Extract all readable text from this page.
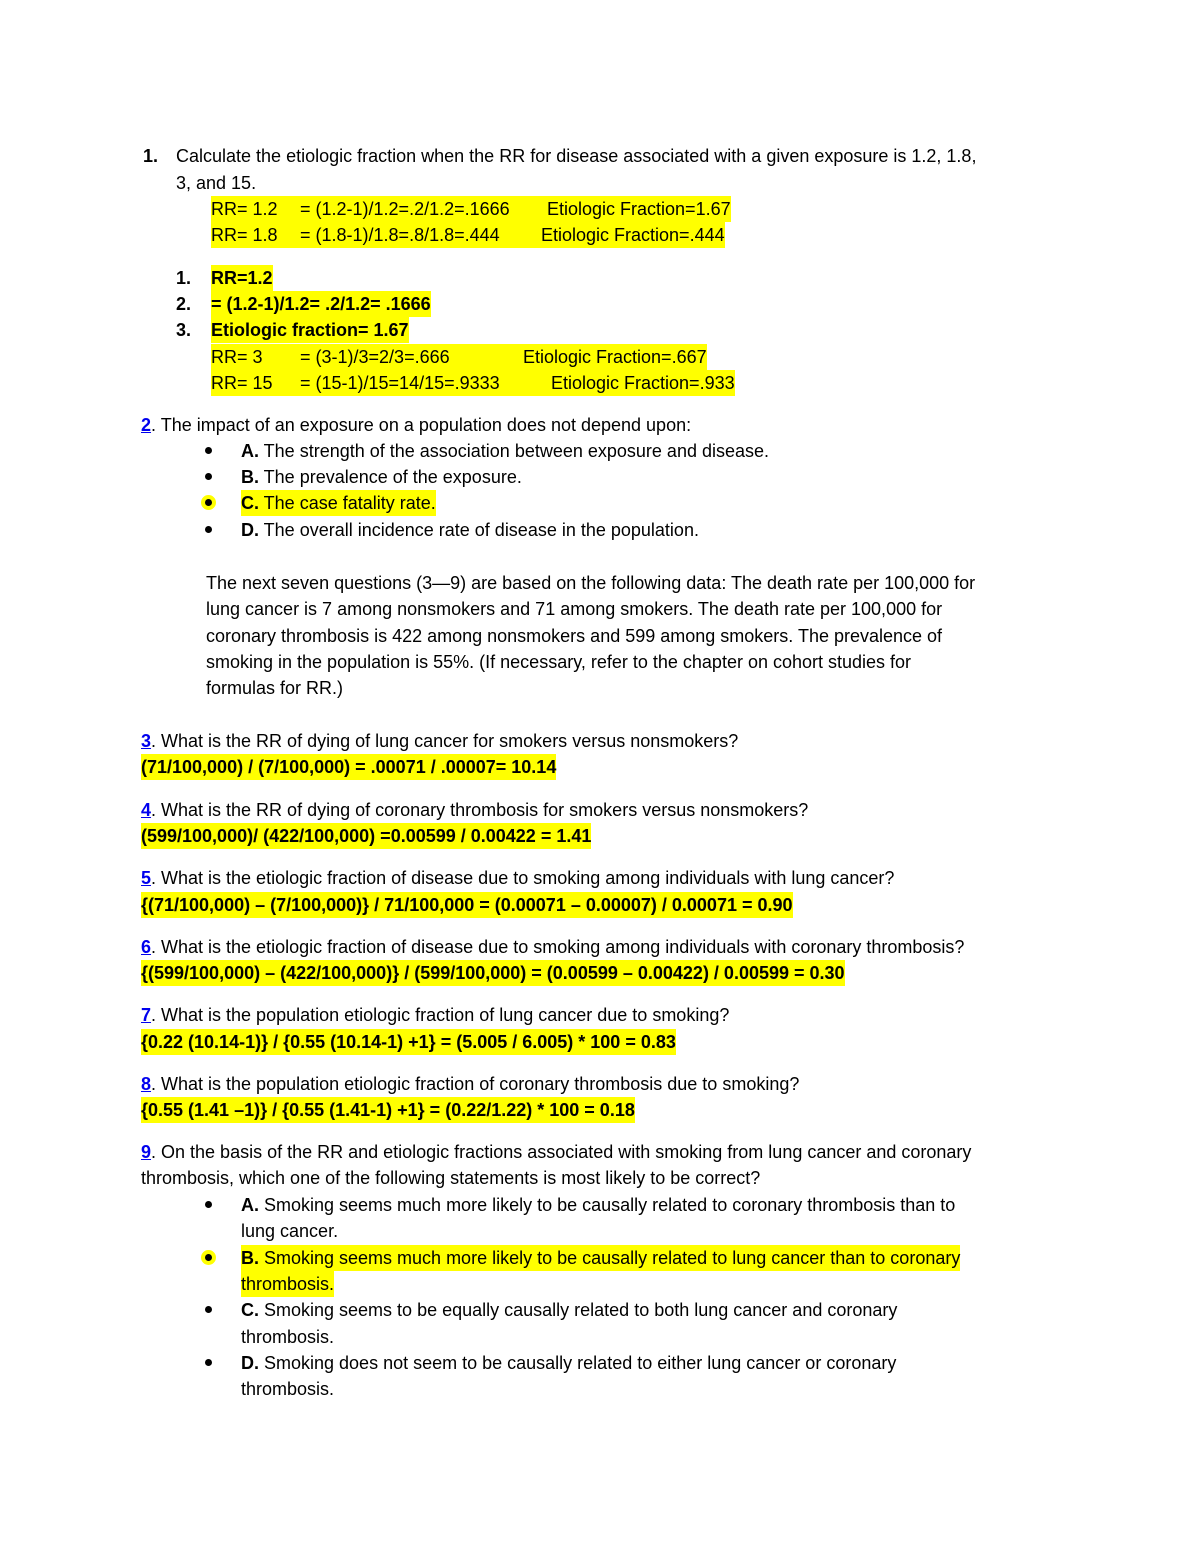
1. Calculate the etiologic fraction when the RR for disease associated with a given exposure is 1.2, 1.8,
3, and 15.
RR= 1.2 = (1.2-1)/1.2=.2/1.2=.1666 Etiologic Fraction=1.67
RR= 1.8 = (1.8-1)/1.8=.8/1.8=.444 Etiologic Fraction=.444
1. RR=1.2
2. = (1.2-1)/1.2= .2/1.2= .1666
3. Etiologic fraction= 1.67
RR= 3 = (3-1)/3=2/3=.666	Etiologic Fraction=.667
RR= 15 = (15-1)/15=14/15=.9333	Etiologic Fraction=.933
2. The impact of an exposure on a population does not depend upon:
A. The strength of the association between exposure and disease.
B. The prevalence of the exposure.
C. The case fatality rate.
D. The overall incidence rate of disease in the population.
The next seven questions (3—9) are based on the following data: The death rate per 100,000 for
lung cancer is 7 among nonsmokers and 71 among smokers. The death rate per 100,000 for
coronary thrombosis is 422 among nonsmokers and 599 among smokers. The prevalence of
smoking in the population is 55%. (If necessary, refer to the chapter on cohort studies for
formulas for RR.)
3. What is the RR of dying of lung cancer for smokers versus nonsmokers?
(71/100,000) / (7/100,000) = .00071 / .00007= 10.14
4. What is the RR of dying of coronary thrombosis for smokers versus nonsmokers?
(599/100,000)/ (422/100,000) =0.00599 / 0.00422 = 1.41
5. What is the etiologic fraction of disease due to smoking among individuals with lung cancer?
{(71/100,000) – (7/100,000)} / 71/100,000 = (0.00071 – 0.00007) / 0.00071 = 0.90
6. What is the etiologic fraction of disease due to smoking among individuals with coronary thrombosis?
{(599/100,000) – (422/100,000)} / (599/100,000) = (0.00599 – 0.00422) / 0.00599 = 0.30
7. What is the population etiologic fraction of lung cancer due to smoking?
{0.22 (10.14-1)} / {0.55 (10.14-1) +1} = (5.005 / 6.005) * 100 = 0.83
8. What is the population etiologic fraction of coronary thrombosis due to smoking?
{0.55 (1.41 –1)} / {0.55 (1.41-1) +1} = (0.22/1.22) * 100 = 0.18
9. On the basis of the RR and etiologic fractions associated with smoking from lung cancer and coronary
thrombosis, which one of the following statements is most likely to be correct?
A. Smoking seems much more likely to be causally related to coronary thrombosis than to
lung cancer.
B. Smoking seems much more likely to be causally related to lung cancer than to coronary
thrombosis.
C. Smoking seems to be equally causally related to both lung cancer and coronary
thrombosis.
D. Smoking does not seem to be causally related to either lung cancer or coronary
thrombosis.
